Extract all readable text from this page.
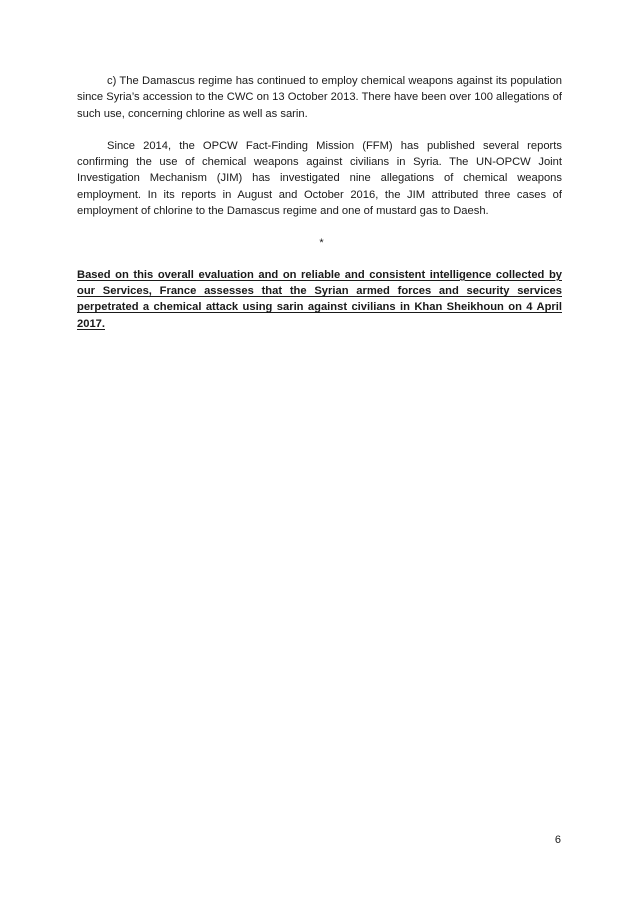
c) The Damascus regime has continued to employ chemical weapons against its population since Syria’s accession to the CWC on 13 October 2013. There have been over 100 allegations of such use, concerning chlorine as well as sarin.

Since 2014, the OPCW Fact-Finding Mission (FFM) has published several reports confirming the use of chemical weapons against civilians in Syria. The UN-OPCW Joint Investigation Mechanism (JIM) has investigated nine allegations of chemical weapons employment. In its reports in August and October 2016, the JIM attributed three cases of employment of chlorine to the Damascus regime and one of mustard gas to Daesh.

*

Based on this overall evaluation and on reliable and consistent intelligence collected by our Services, France assesses that the Syrian armed forces and security services perpetrated a chemical attack using sarin against civilians in Khan Sheikhoun on 4 April 2017.

6
